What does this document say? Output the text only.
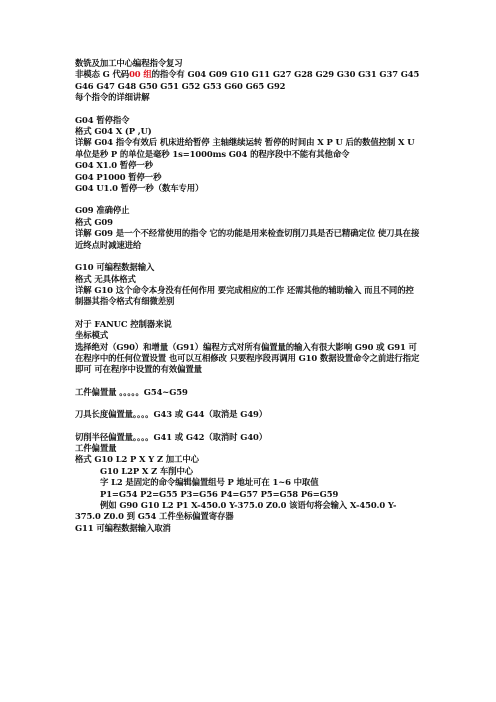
数铣及加工中心编程指令复习
非模态 G 代码00 组的指令有 G04 G09 G10 G11 G27 G28 G29 G30 G31 G37 G45 G46 G47 G48 G50 G51 G52 G53 G60 G65 G92
每个指令的详细讲解
G04 暂停指令
格式 G04 X (P ,U)
详解 G04 指令有效后 机床进给暂停 主轴继续运转 暂停的时间由 X P U 后的数值控制 X U 单位是秒 P 的单位是毫秒 1s=1000ms G04 的程序段中不能有其他命令
G04 X1.0 暂停一秒
G04 P1000 暂停一秒
G04 U1.0 暂停一秒（数车专用）
G09 准确停止
格式 G09
详解 G09 是一个不经常使用的指令 它的功能是用来检查切削刀具是否已精确定位 使刀具在接近终点时减速进给
G10 可编程数据输入
格式 无具体格式
详解 G10 这个命令本身没有任何作用 要完成相应的工作 还需其他的辅助输入 而且不同的控制器其指令格式有细微差别
对于 FANUC 控制器来说
坐标模式
选择绝对（G90）和增量（G91）编程方式对所有偏置量的输入有很大影响 G90 或 G91 可在程序中的任何位置设置 也可以互相修改 只要程序段再调用 G10 数据设置命令之前进行指定即可 可在程序中设置的有效偏置量
工件偏置量 。。。。。G54~G59
刀具长度偏置量。。。。G43 或 G44（取消是 G49）
切削半径偏置量。。。。G41 或 G42（取消时 G40）
工件偏置量
格式 G10 L2 P X Y Z 加工中心
G10 L2P X Z 车削中心
字 L2 是固定的命令编辑偏置组号 P 地址可在 1~6 中取值
P1=G54 P2=G55 P3=G56 P4=G57 P5=G58 P6=G59
例如 G90 G10 L2 P1 X-450.0 Y-375.0 Z0.0 该语句将会输入 X-450.0 Y-375.0 Z0.0 到 G54 工件坐标偏置寄存器
G11 可编程数据输入取消
